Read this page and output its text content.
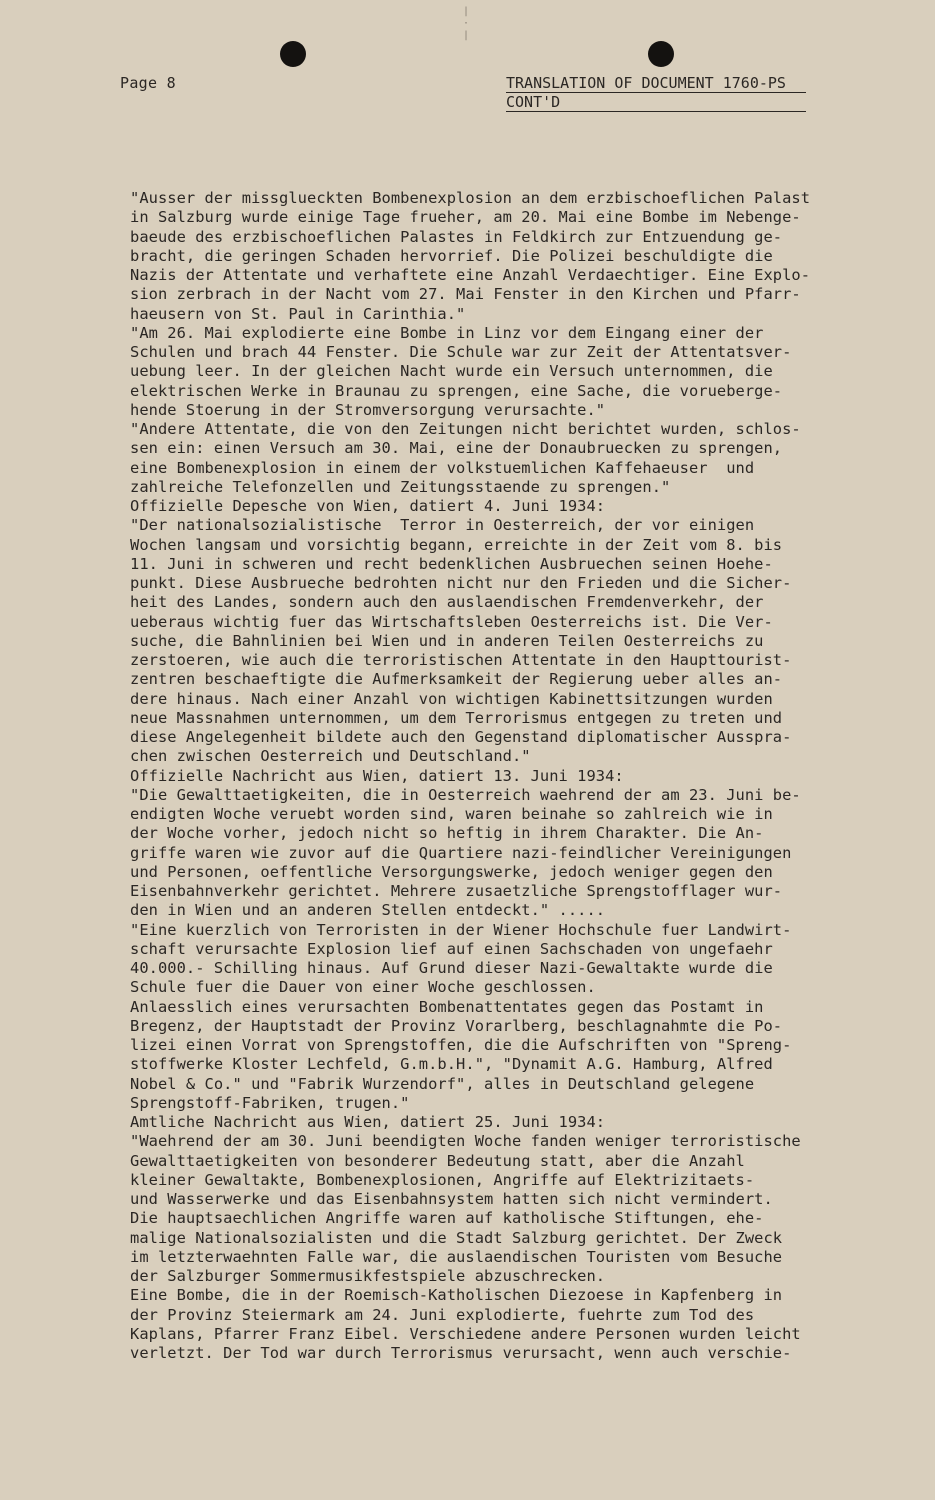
|
·
|
Page 8	TRANSLATION OF DOCUMENT 1760-PS
CONT'D
"Ausser der missglueckten Bombenexplosion an dem erzbischoeflichen Palast
in Salzburg wurde einige Tage frueher, am 20. Mai eine Bombe im Nebenge-
baeude des erzbischoeflichen Palastes in Feldkirch zur Entzuendung ge-
bracht, die geringen Schaden hervorrief. Die Polizei beschuldigte die
Nazis der Attentate und verhaftete eine Anzahl Verdaechtiger. Eine Explo-
sion zerbrach in der Nacht vom 27. Mai Fenster in den Kirchen und Pfarr-
haeusern von St. Paul in Carinthia."
"Am 26. Mai explodierte eine Bombe in Linz vor dem Eingang einer der
Schulen und brach 44 Fenster. Die Schule war zur Zeit der Attentatsver-
uebung leer. In der gleichen Nacht wurde ein Versuch unternommen, die
elektrischen Werke in Braunau zu sprengen, eine Sache, die voruebergе-
hende Stoerung in der Stromversorgung verursachte."
"Andere Attentate, die von den Zeitungen nicht berichtet wurden, schlos-
sen ein: einen Versuch am 30. Mai, eine der Donaubruecken zu sprengen,
eine Bombenexplosion in einem der volkstuemlichen Kaffehaeuser  und
zahlreiche Telefonzellen und Zeitungsstaende zu sprengen."
Offizielle Depesche von Wien, datiert 4. Juni 1934:
"Der nationalsozialistische  Terror in Oesterreich, der vor einigen
Wochen langsam und vorsichtig begann, erreichte in der Zeit vom 8. bis
11. Juni in schweren und recht bedenklichen Ausbruechen seinen Hoehe-
punkt. Diese Ausbrueche bedrohten nicht nur den Frieden und die Sicher-
heit des Landes, sondern auch den auslaendischen Fremdenverkehr, der
ueberaus wichtig fuer das Wirtschaftsleben Oesterreichs ist. Die Ver-
suche, die Bahnlinien bei Wien und in anderen Teilen Oesterreichs zu
zerstoeren, wie auch die terroristischen Attentate in den Haupttourist-
zentren beschaeftigte die Aufmerksamkeit der Regierung ueber alles an-
dere hinaus. Nach einer Anzahl von wichtigen Kabinettsitzungen wurden
neue Massnahmen unternommen, um dem Terrorismus entgegen zu treten und
diese Angelegenheit bildete auch den Gegenstand diplomatischer Ausspra-
chen zwischen Oesterreich und Deutschland."
Offizielle Nachricht aus Wien, datiert 13. Juni 1934:
"Die Gewalttaetigkeiten, die in Oesterreich waehrend der am 23. Juni be-
endigten Woche veruebt worden sind, waren beinahe so zahlreich wie in
der Woche vorher, jedoch nicht so heftig in ihrem Charakter. Die An-
griffe waren wie zuvor auf die Quartiere nazi-feindlicher Vereinigungen
und Personen, oeffentliche Versorgungswerke, jedoch weniger gegen den
Eisenbahnverkehr gerichtet. Mehrere zusaetzliche Sprengstofflager wur-
den in Wien und an anderen Stellen entdeckt." .....
"Eine kuerzlich von Terroristen in der Wiener Hochschule fuer Landwirt-
schaft verursachte Explosion lief auf einen Sachschaden von ungefaehr
40.000.- Schilling hinaus. Auf Grund dieser Nazi-Gewaltakte wurde die
Schule fuer die Dauer von einer Woche geschlossen.
Anlaesslich eines verursachten Bombenattentates gegen das Postamt in
Bregenz, der Hauptstadt der Provinz Vorarlberg, beschlagnahmte die Po-
lizei einen Vorrat von Sprengstoffen, die die Aufschriften von "Spreng-
stoffwerke Kloster Lechfeld, G.m.b.H.", "Dynamit A.G. Hamburg, Alfred
Nobel & Co." und "Fabrik Wurzendorf", alles in Deutschland gelegene
Sprengstoff-Fabriken, trugen."
Amtliche Nachricht aus Wien, datiert 25. Juni 1934:
"Waehrend der am 30. Juni beendigten Woche fanden weniger terroristische
Gewalttaetigkeiten von besonderer Bedeutung statt, aber die Anzahl
kleiner Gewaltakte, Bombenexplosionen, Angriffe auf Elektrizitaets-
und Wasserwerke und das Eisenbahnsystem hatten sich nicht vermindert.
Die hauptsaechlichen Angriffe waren auf katholische Stiftungen, ehe-
malige Nationalsozialisten und die Stadt Salzburg gerichtet. Der Zweck
im letzterwaehnten Falle war, die auslaendischen Touristen vom Besuche
der Salzburger Sommermusikfestspiele abzuschrecken.
Eine Bombe, die in der Roemisch-Katholischen Diezoese in Kapfenberg in
der Provinz Steiermark am 24. Juni explodierte, fuehrte zum Tod des
Kaplans, Pfarrer Franz Eibel. Verschiedene andere Personen wurden leicht
verletzt. Der Tod war durch Terrorismus verursacht, wenn auch verschie-
